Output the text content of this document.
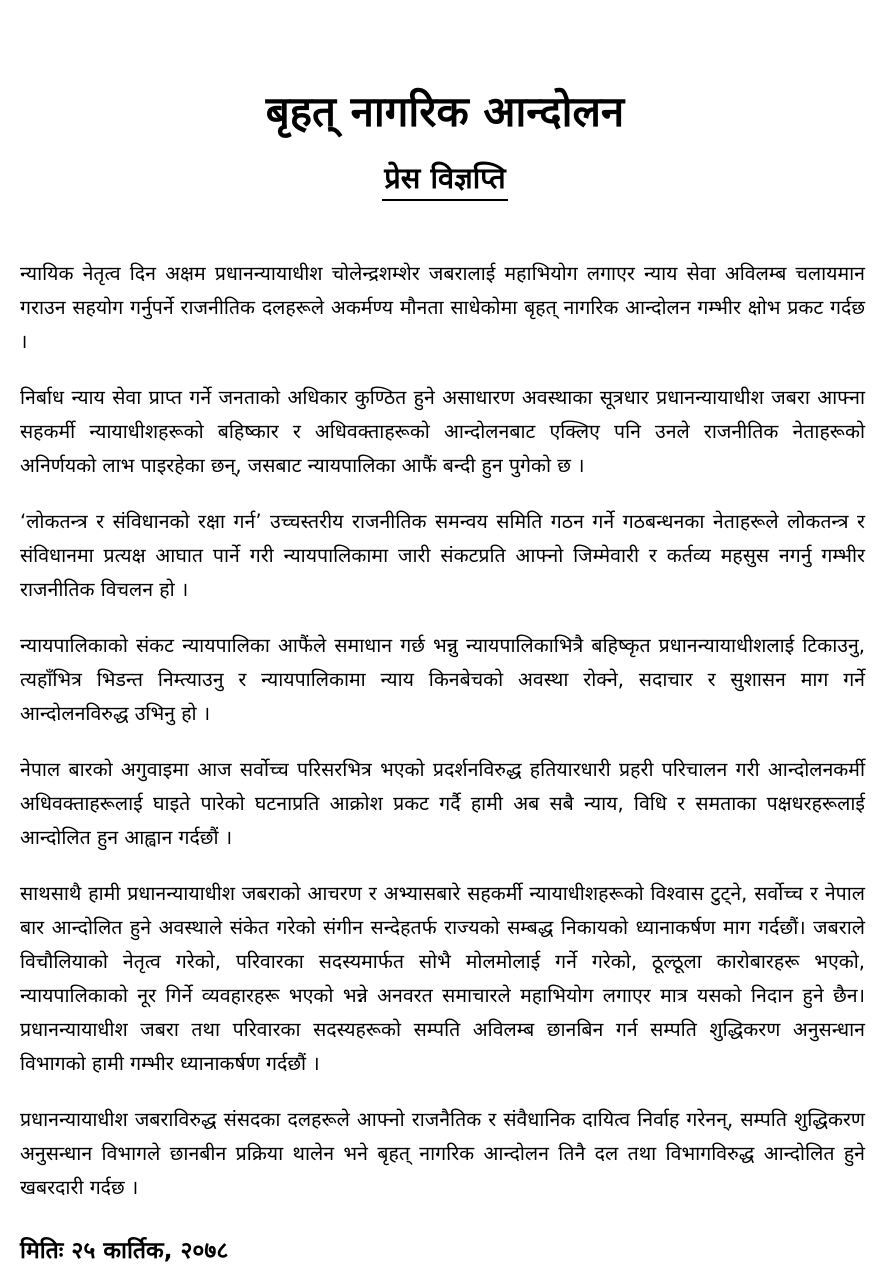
बृहत् नागरिक आन्दोलन
प्रेस विज्ञप्ति

न्यायिक नेतृत्व दिन अक्षम प्रधानन्यायाधीश चोलेन्द्रशम्शेर जबरालाई महाभियोग लगाएर न्याय सेवा अविलम्ब चलायमान गराउन सहयोग गर्नुपर्ने राजनीतिक दलहरूले अकर्मण्य मौनता साधेकोमा बृहत् नागरिक आन्दोलन गम्भीर क्षोभ प्रकट गर्दछ ।

निर्बाध न्याय सेवा प्राप्त गर्ने जनताको अधिकार कुण्ठित हुने असाधारण अवस्थाका सूत्रधार प्रधानन्यायाधीश जबरा आफ्ना सहकर्मी न्यायाधीशहरूको बहिष्कार र अधिवक्ताहरूको आन्दोलनबाट एक्लिए पनि उनले राजनीतिक नेताहरूको अनिर्णयको लाभ पाइरहेका छन्, जसबाट न्यायपालिका आफैं बन्दी हुन पुगेको छ ।

‘लोकतन्त्र र संविधानको रक्षा गर्न’ उच्चस्तरीय राजनीतिक समन्वय समिति गठन गर्ने गठबन्धनका नेताहरूले लोकतन्त्र र संविधानमा प्रत्यक्ष आघात पार्ने गरी न्यायपालिकामा जारी संकटप्रति आफ्नो जिम्मेवारी र कर्तव्य महसुस नगर्नु गम्भीर राजनीतिक विचलन हो ।

न्यायपालिकाको संकट न्यायपालिका आफैंले समाधान गर्छ भन्नु न्यायपालिकाभित्रै बहिष्कृत प्रधानन्यायाधीशलाई टिकाउनु, त्यहाँभित्र भिडन्त निम्त्याउनु र न्यायपालिकामा न्याय किनबेचको अवस्था रोक्ने, सदाचार र सुशासन माग गर्ने आन्दोलनविरुद्ध उभिनु हो ।

नेपाल बारको अगुवाइमा आज सर्वोच्च परिसरभित्र भएको प्रदर्शनविरुद्ध हतियारधारी प्रहरी परिचालन गरी आन्दोलनकर्मी अधिवक्ताहरूलाई घाइते पारेको घटनाप्रति आक्रोश प्रकट गर्दै हामी अब सबै न्याय, विधि र समताका पक्षधरहरूलाई आन्दोलित हुन आह्वान गर्दछौं ।

साथसाथै हामी प्रधानन्यायाधीश जबराको आचरण र अभ्यासबारे सहकर्मी न्यायाधीशहरूको विश्वास टुट्ने, सर्वोच्च र नेपाल बार आन्दोलित हुने अवस्थाले संकेत गरेको संगीन सन्देहतर्फ राज्यको सम्बद्ध निकायको ध्यानाकर्षण माग गर्दछौं। जबराले विचौलियाको नेतृत्व गरेको, परिवारका सदस्यमार्फत सोभै मोलमोलाई गर्ने गरेको, ठूल्ठूला कारोबारहरू भएको, न्यायपालिकाको नूर गिर्ने व्यवहारहरू भएको भन्ने अनवरत समाचारले महाभियोग लगाएर मात्र यसको निदान हुने छैन। प्रधानन्यायाधीश जबरा तथा परिवारका सदस्यहरूको सम्पति अविलम्ब छानबिन गर्न सम्पति शुद्धिकरण अनुसन्धान विभागको हामी गम्भीर ध्यानाकर्षण गर्दछौं ।

प्रधानन्यायाधीश जबराविरुद्ध संसदका दलहरूले आफ्नो राजनैतिक र संवैधानिक दायित्व निर्वाह गरेनन्, सम्पति शुद्धिकरण अनुसन्धान विभागले छानबीन प्रक्रिया थालेन भने बृहत् नागरिक आन्दोलन तिनै दल तथा विभागविरुद्ध आन्दोलित हुने खबरदारी गर्दछ ।

मितिः २५ कार्तिक, २०७८
